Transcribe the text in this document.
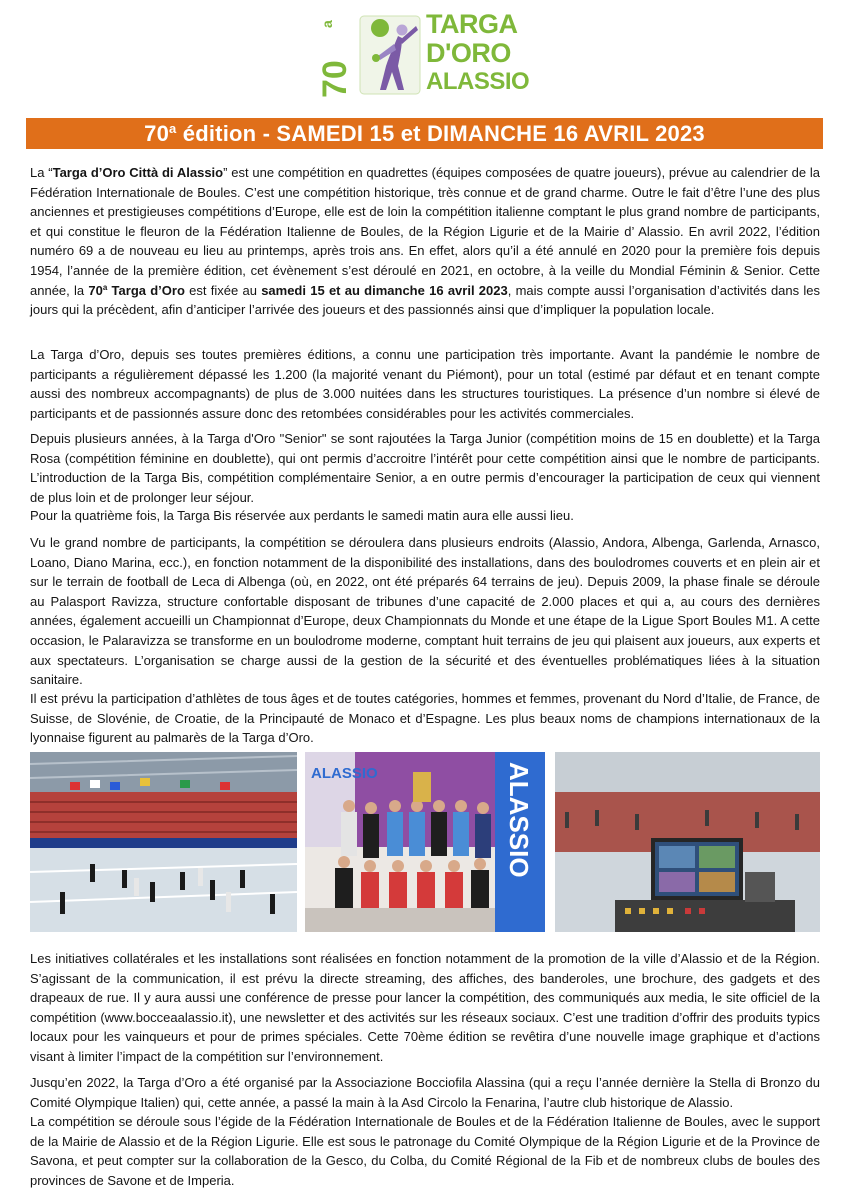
70
a	TARGA
D'ORO
ALASSIO
70$^a$ édition - SAMEDI 15 et DIMANCHE 16 AVRIL 2023

La “Targa d’Oro Città di Alassio” est une compétition en quadrettes (équipes composées de quatre joueurs), prévue au calendrier de la Fédération Internationale de Boules. C’est une compétition historique, très connue et de grand charme. Outre le fait d’être l’une des plus anciennes et prestigieuses compétitions d’Europe, elle est de loin la compétition italienne comptant le plus grand nombre de participants, et qui constitue le fleuron de la Fédération Italienne de Boules, de la Région Ligurie et de la Mairie d’ Alassio. En avril 2022, l’édition numéro 69 a de nouveau eu lieu au printemps, après trois ans. En effet, alors qu’il a été annulé en 2020 pour la première fois depuis 1954, l’année de la première édition, cet évènement s’est déroulé en 2021, en octobre, à la veille du Mondial Féminin & Senior. Cette année, la 70$^a$ Targa d’Oro est fixée au samedi 15 et au dimanche 16 avril 2023, mais compte aussi l’organisation d’activités dans les jours qui la précèdent, afin d’anticiper l’arrivée des joueurs et des passionnés ainsi que d’impliquer la population locale.

La Targa d’Oro, depuis ses toutes premières éditions, a connu une participation très importante. Avant la pandémie le nombre de participants a régulièrement dépassé les 1.200 (la majorité venant du Piémont), pour un total (estimé par défaut et en tenant compte aussi des nombreux accompagnants) de plus de 3.000 nuitées dans les structures touristiques. La présence d’un nombre si élevé de participants et de passionnés assure donc des retombées considérables pour les activités commerciales.

Depuis plusieurs années, à la Targa d'Oro "Senior" se sont rajoutées la Targa Junior (compétition moins de 15 en doublette) et la Targa Rosa (compétition féminine en doublette), qui ont permis d’accroitre l’intérêt pour cette compétition ainsi que le nombre de participants. L’introduction de la Targa Bis, compétition complémentaire Senior, a en outre permis d’encourager la participation de ceux qui viennent de plus loin et de prolonger leur séjour.

Pour la quatrième fois, la Targa Bis réservée aux perdants le samedi matin aura elle aussi lieu.

Vu le grand nombre de participants, la compétition se déroulera dans plusieurs endroits (Alassio, Andora, Albenga, Garlenda, Arnasco, Loano, Diano Marina, ecc.), en fonction notamment de la disponibilité des installations, dans des boulodromes couverts et en plein air et sur le terrain de football de Leca di Albenga (où, en 2022, ont été préparés 64 terrains de jeu). Depuis 2009, la phase finale se déroule au Palasport Ravizza, structure confortable disposant de tribunes d’une capacité de 2.000 places et qui a, au cours des dernières années, également accueilli un Championnat d’Europe, deux Championnats du Monde et une étape de la Ligue Sport Boules M1. A cette occasion, le Palaravizza se transforme en un boulodrome moderne, comptant huit terrains de jeu qui plaisent aux joueurs, aux experts et aux spectateurs. L’organisation se charge aussi de la gestion de la sécurité et des éventuelles problématiques liées à la situation sanitaire.

Il est prévu la participation d’athlètes de tous âges et de toutes catégories, hommes et femmes, provenant du Nord d’Italie, de France, de Suisse, de Slovénie, de Croatie, de la Principauté de Monaco et d’Espagne. Les plus beaux noms de champions internationaux de la lyonnaise figurent au palmarès de la Targa d’Oro.

ALASSIO
ALASSIO

Les initiatives collatérales et les installations sont réalisées en fonction notamment de la promotion de la ville d’Alassio et de la Région. S’agissant de la communication, il est prévu la directe streaming, des affiches, des banderoles, une brochure, des gadgets et des drapeaux de rue. Il y aura aussi une conférence de presse pour lancer la compétition, des communiqués aux media, le site officiel de la compétition (www.bocceaalassio.it), une newsletter et des activités sur les réseaux sociaux. C’est une tradition d’offrir des produits typics locaux pour les vainqueurs et pour de primes spéciales. Cette 70ème édition se revêtira d’une nouvelle image graphique et d’actions visant à limiter l’impact de la compétition sur l’environnement.

Jusqu’en 2022, la Targa d’Oro a été organisé par la Associazione Bocciofila Alassina (qui a reçu l’année dernière la Stella di Bronzo du Comité Olympique Italien) qui, cette année, a passé la main à la Asd Circolo la Fenarina, l’autre club historique de Alassio.
La compétition se déroule sous l’égide de la Fédération Internationale de Boules et de la Fédération Italienne de Boules, avec le support de la Mairie de Alassio et de la Région Ligurie. Elle est sous le patronage du Comité Olympique de la Région Ligurie et de la Province de Savona, et peut compter sur la collaboration de la Gesco, du Colba, du Comité Régional de la Fib et de nombreux clubs de boules des provinces de Savone et de Imperia.
